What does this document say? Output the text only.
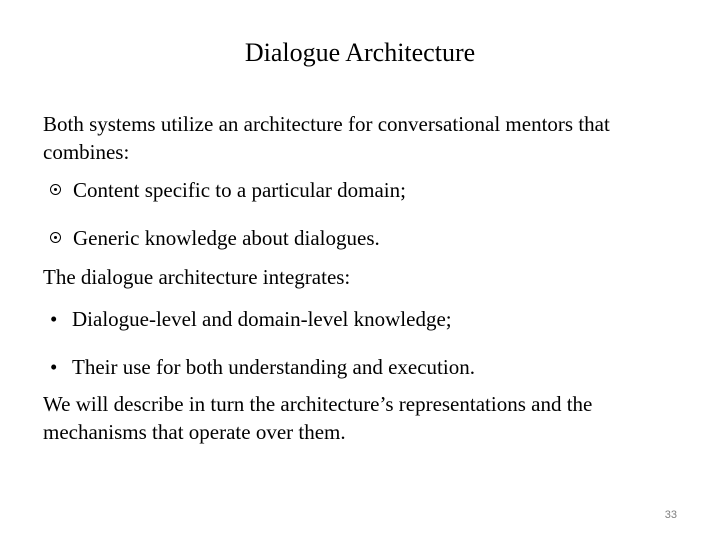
Dialogue Architecture
Both systems utilize an architecture for conversational mentors that combines:
Content specific to a particular domain;
Generic knowledge about dialogues.
The dialogue architecture integrates:
• Dialogue-level and domain-level knowledge;
• Their use for both understanding and execution.
We will describe in turn the architecture’s representations and the mechanisms that operate over them.
33
